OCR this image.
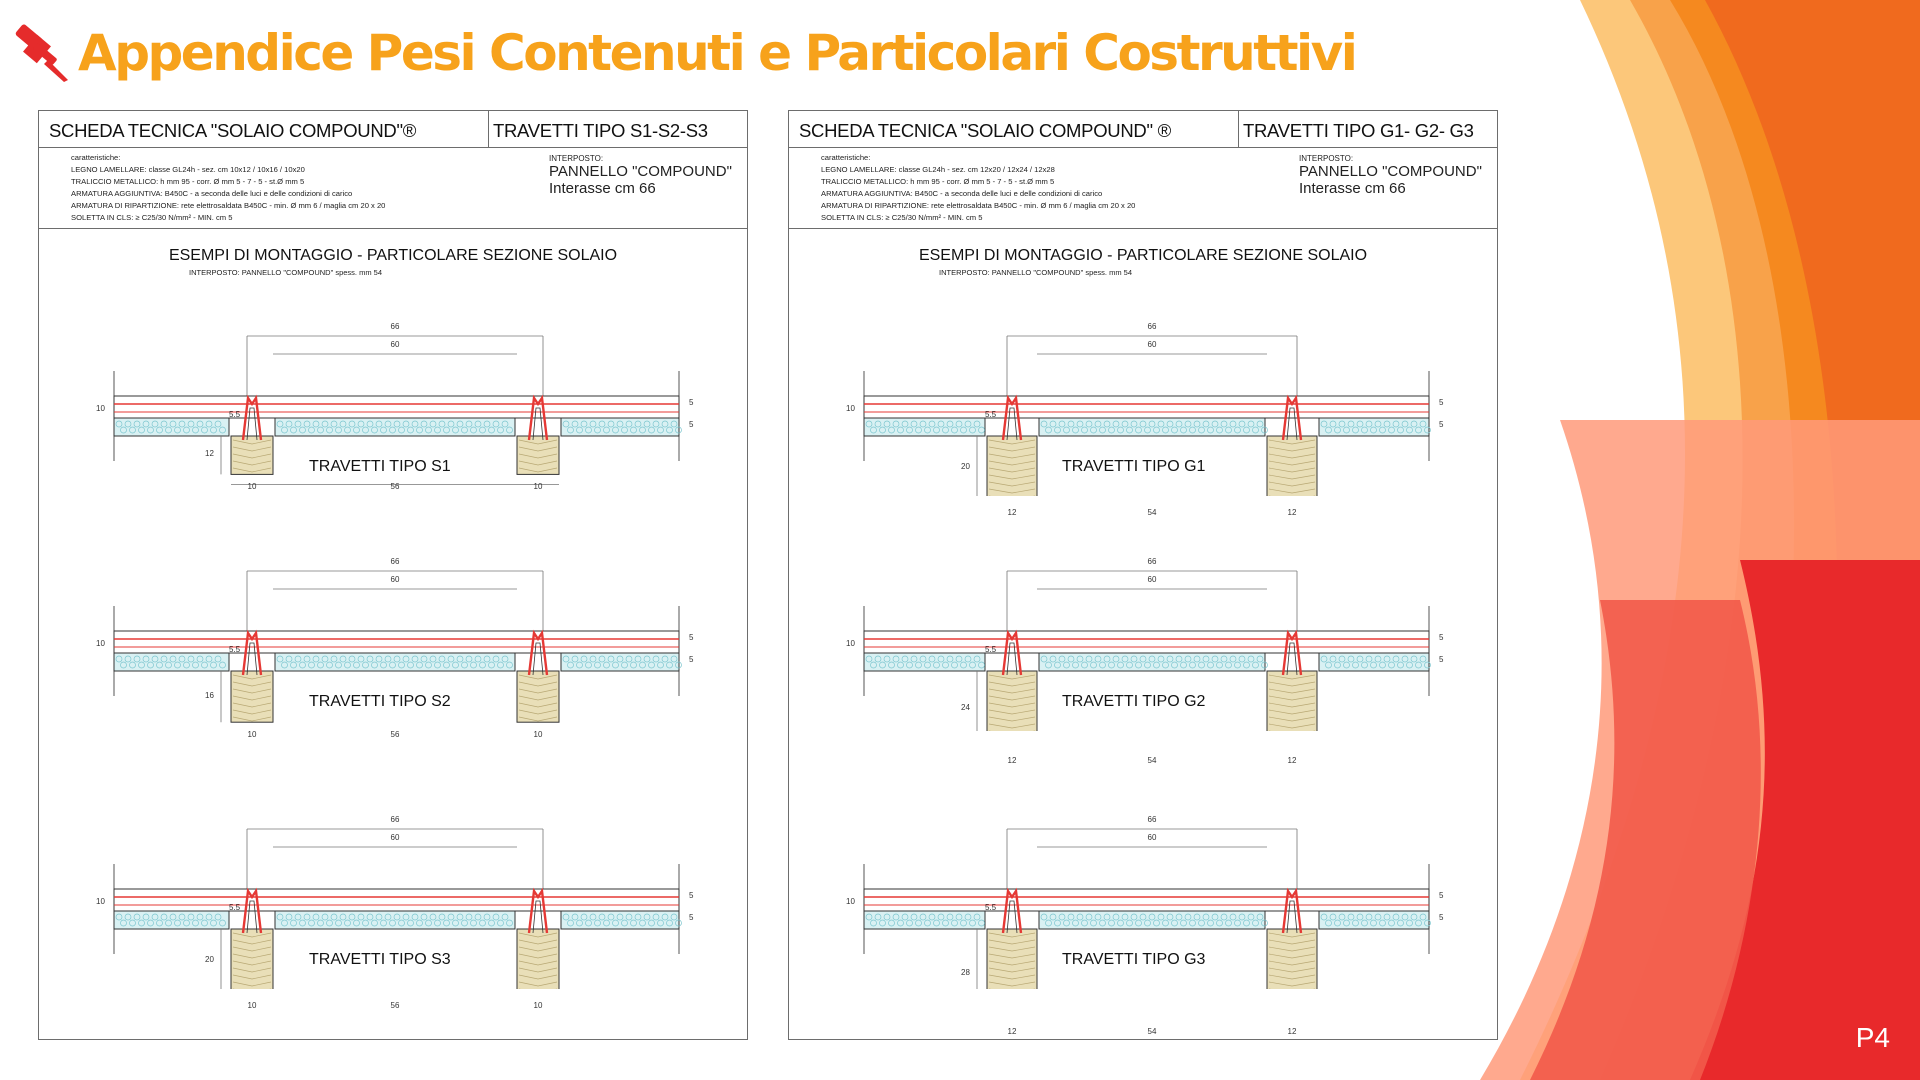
Appendice Pesi Contenuti e Particolari Costruttivi
SCHEDA TECNICA "SOLAIO COMPOUND"®	TRAVETTI TIPO S1-S2-S3
caratteristiche:
LEGNO LAMELLARE: classe GL24h - sez. cm 10x12 / 10x16 / 10x20
TRALICCIO METALLICO: h mm 95 - corr. Ø mm 5 - 7 - 5 - st.Ø mm 5
ARMATURA AGGIUNTIVA: B450C - a seconda delle luci e delle condizioni di carico
ARMATURA DI RIPARTIZIONE: rete elettrosaldata B450C - min. Ø mm 6 / maglia cm 20 x 20
SOLETTA IN CLS: ≥ C25/30 N/mm² - MIN. cm 5
INTERPOSTO:
PANNELLO "COMPOUND"
Interasse cm 66
ESEMPI DI MONTAGGIO - PARTICOLARE SEZIONE SOLAIO
INTERPOSTO: PANNELLO "COMPOUND" spess. mm 54
TRAVETTI TIPO S1
66
60
10
5
5
5.5
12
10	56	10
TRAVETTI TIPO S2
66
60
10
5
5
5.5
16
10	56	10
TRAVETTI TIPO S3
66
60
10
5
5
5.5
20
10	56	10
SCHEDA TECNICA "SOLAIO COMPOUND" ®	TRAVETTI TIPO G1- G2- G3
caratteristiche:
LEGNO LAMELLARE: classe GL24h - sez. cm 12x20 / 12x24 / 12x28
TRALICCIO METALLICO: h mm 95 - corr. Ø mm 5 - 7 - 5 - st.Ø mm 5
ARMATURA AGGIUNTIVA: B450C - a seconda delle luci e delle condizioni di carico
ARMATURA DI RIPARTIZIONE: rete elettrosaldata B450C - min. Ø mm 6 / maglia cm 20 x 20
SOLETTA IN CLS: ≥ C25/30 N/mm² - MIN. cm 5
INTERPOSTO:
PANNELLO "COMPOUND"
Interasse cm 66
ESEMPI DI MONTAGGIO - PARTICOLARE SEZIONE SOLAIO
INTERPOSTO: PANNELLO "COMPOUND" spess. mm 54
TRAVETTI TIPO G1
66
60
10
5
5
5.5
20
12	54	12
TRAVETTI TIPO G2
66
60
10
5
5
5.5
24
12	54	12
TRAVETTI TIPO G3
66
60
10
5
5
5.5
28
12	54	12	P4
